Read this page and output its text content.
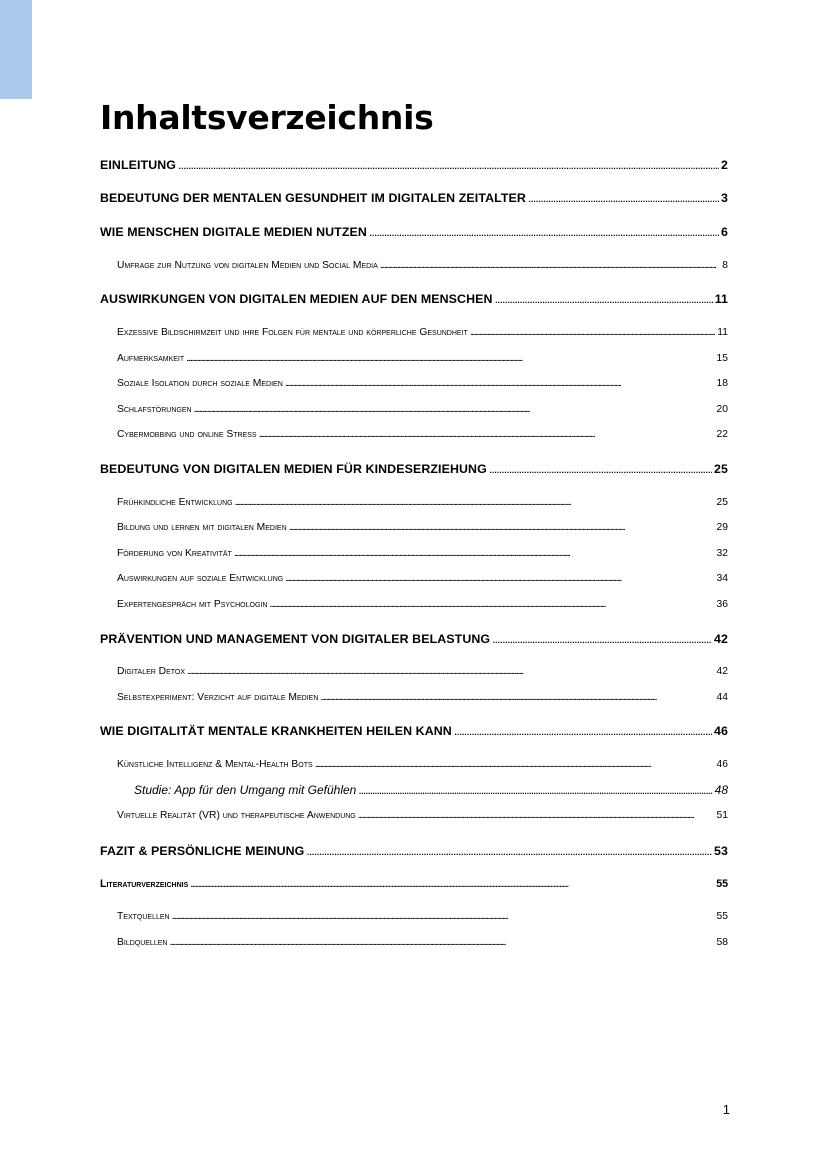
Inhaltsverzeichnis
EINLEITUNG . . .	2
BEDEUTUNG DER MENTALEN GESUNDHEIT IM DIGITALEN ZEITALTER . . .	3
WIE MENSCHEN DIGITALE MEDIEN NUTZEN . . .	6
Umfrage zur Nutzung von digitalen Medien und Social Media . . .	8
AUSWIRKUNGEN VON DIGITALEN MEDIEN AUF DEN MENSCHEN . . .	11
Exzessive Bildschirmzeit und ihre Folgen für mentale und körperliche Gesundheit . . .	11
Aufmerksamkeit . . .	15
Soziale Isolation durch soziale Medien . . .	18
Schlafstörungen . . .	20
Cybermobbing und online Stress . . .	22
BEDEUTUNG VON DIGITALEN MEDIEN FÜR KINDESERZIEHUNG . . .	25
Frühkindliche Entwicklung . . .	25
Bildung und lernen mit digitalen Medien . . .	29
Förderung von Kreativität . . .	32
Auswirkungen auf soziale Entwicklung . . .	34
Expertengespräch mit Psychologin . . .	36
PRÄVENTION UND MANAGEMENT VON DIGITALER BELASTUNG . . .	42
Digitaler Detox . . .	42
Selbstexperiment: Verzicht auf digitale Medien . . .	44
WIE DIGITALITÄT MENTALE KRANKHEITEN HEILEN KANN . . .	46
Künstliche Intelligenz & Mental-Health Bots . . .	46
Studie: App für den Umgang mit Gefühlen . . .	48
Virtuelle Realität (VR) und therapeutische Anwendung . . .	51
FAZIT & PERSÖNLICHE MEINUNG . . .	53
Literaturverzeichnis . . .	55
Textquellen . . .	55
Bildquellen . . .	58
1
